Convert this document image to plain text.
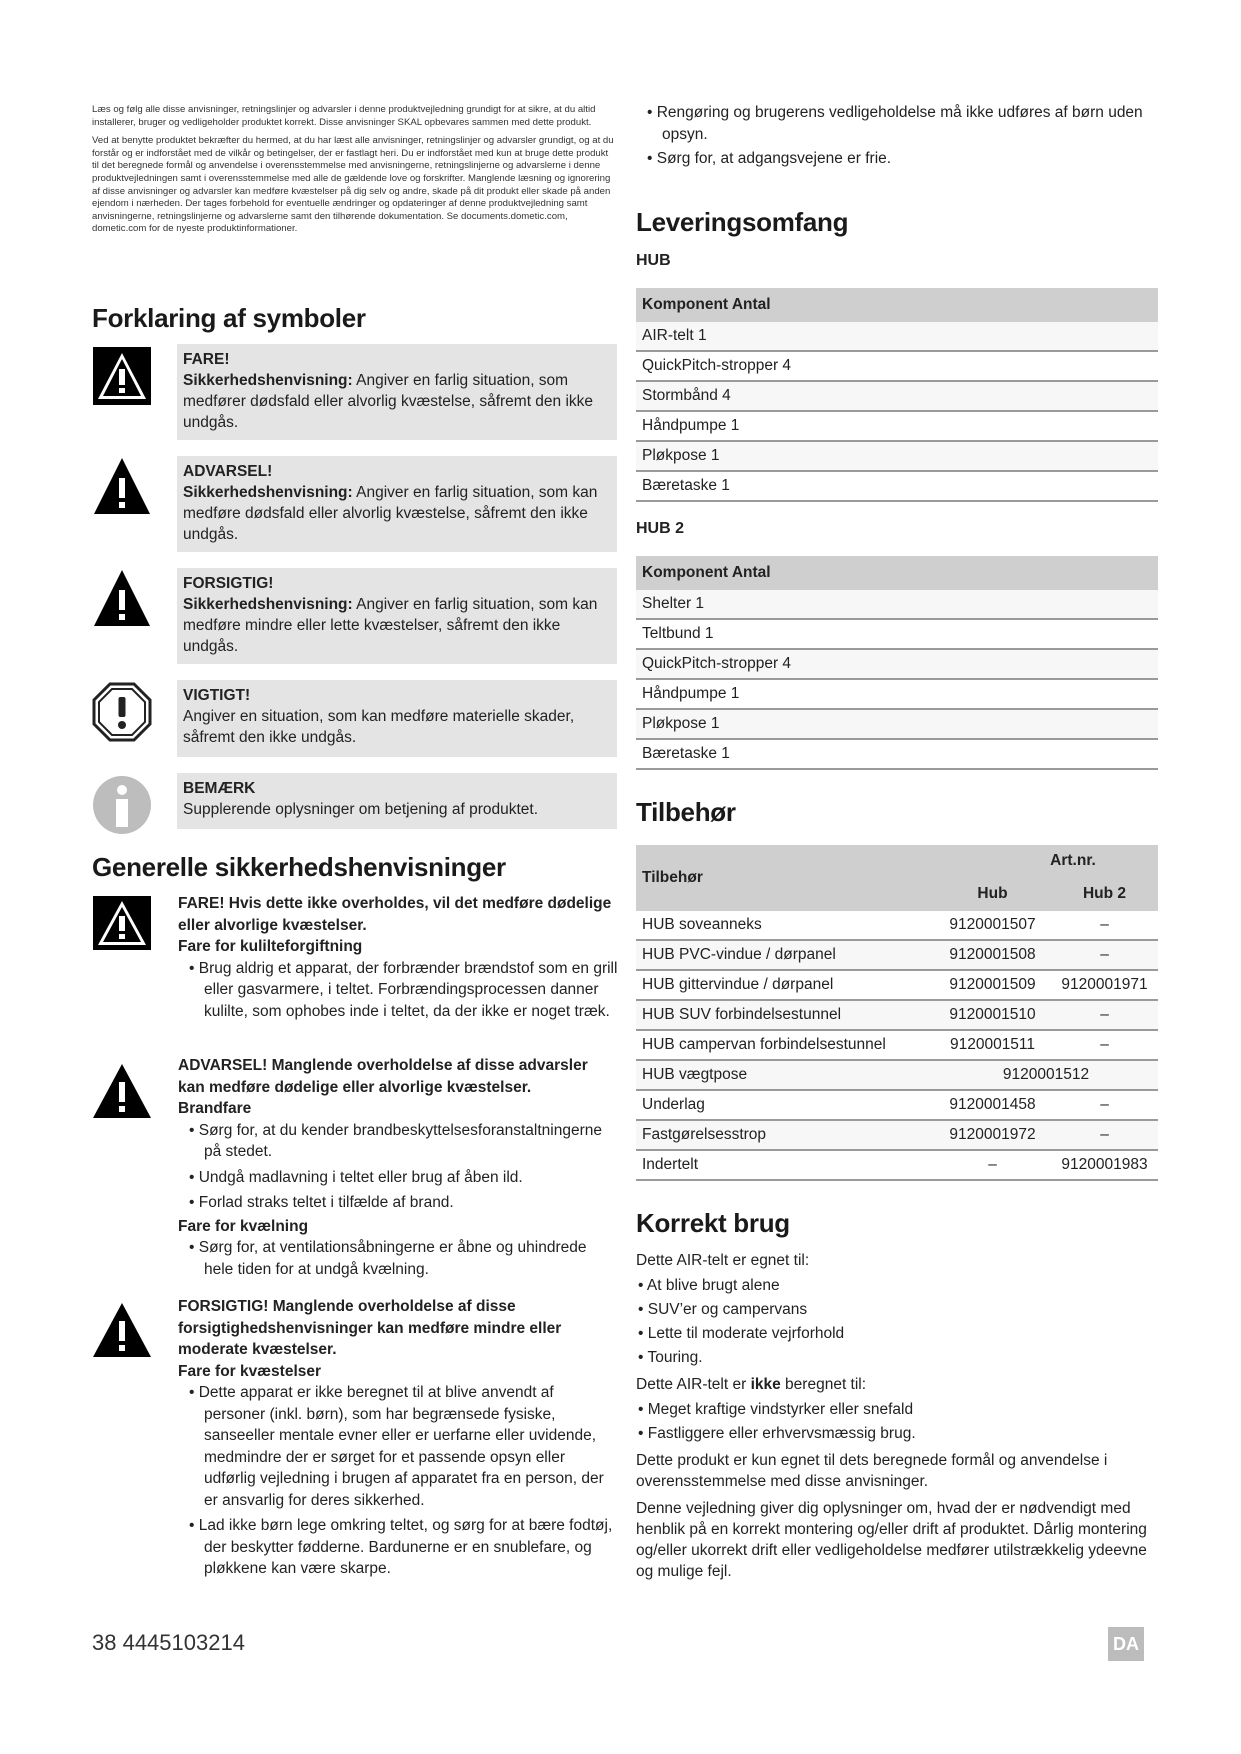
Læs og følg alle disse anvisninger, retningslinjer og advarsler i denne produktvejledning grundigt for at sikre, at du altid installerer, bruger og vedligeholder produktet korrekt. Disse anvisninger SKAL opbevares sammen med dette produkt.

Ved at benytte produktet bekræfter du hermed, at du har læst alle anvisninger, retningslinjer og advarsler grundigt, og at du forstår og er indforstået med de vilkår og betingelser, der er fastlagt heri. Du er indforstået med kun at bruge dette produkt til det beregnede formål og anvendelse i overensstemmelse med anvisningerne, retningslinjerne og advarslerne i denne produktvejledningen samt i overensstemmelse med alle de gældende love og forskrifter. Manglende læsning og ignorering af disse anvisninger og advarsler kan medføre kvæstelser på dig selv og andre, skade på dit produkt eller skade på anden ejendom i nærheden. Der tages forbehold for eventuelle ændringer og opdateringer af denne produktvejledning samt anvisningerne, retningslinjerne og advarslerne samt den tilhørende dokumentation. Se documents.dometic.com, dometic.com for de nyeste produktinformationer.

Forklaring af symboler
FARE!
Sikkerhedshenvisning: Angiver en farlig situation, som medfører dødsfald eller alvorlig kvæstelse, såfremt den ikke undgås.
ADVARSEL!
Sikkerhedshenvisning: Angiver en farlig situation, som kan medføre dødsfald eller alvorlig kvæstelse, såfremt den ikke undgås.
FORSIGTIG!
Sikkerhedshenvisning: Angiver en farlig situation, som kan medføre mindre eller lette kvæstelser, såfremt den ikke undgås.
VIGTIGT!
Angiver en situation, som kan medføre materielle skader, såfremt den ikke undgås.
BEMÆRK
Supplerende oplysninger om betjening af produktet.
Generelle sikkerhedshenvisninger
FARE! Hvis dette ikke overholdes, vil det medføre dødelige eller alvorlige kvæstelser.
Fare for kulilteforgiftning
• Brug aldrig et apparat, der forbrænder brændstof som en grill eller gasvarmere, i teltet. Forbrændingsprocessen danner kulilte, som ophobes inde i teltet, da der ikke er noget træk.
ADVARSEL! Manglende overholdelse af disse advarsler kan medføre dødelige eller alvorlige kvæstelser.
Brandfare
• Sørg for, at du kender brandbeskyttelsesforanstaltningerne på stedet.
• Undgå madlavning i teltet eller brug af åben ild.
• Forlad straks teltet i tilfælde af brand.
Fare for kvælning
• Sørg for, at ventilationsåbningerne er åbne og uhindrede hele tiden for at undgå kvælning.
FORSIGTIG! Manglende overholdelse af disse forsigtighedshenvisninger kan medføre mindre eller moderate kvæstelser.
Fare for kvæstelser
• Dette apparat er ikke beregnet til at blive anvendt af personer (inkl. børn), som har begrænsede fysiske, sanseeller mentale evner eller er uerfarne eller uvidende, medmindre der er sørget for et passende opsyn eller udførlig vejledning i brugen af apparatet fra en person, der er ansvarlig for deres sikkerhed.
• Lad ikke børn lege omkring teltet, og sørg for at bære fodtøj, der beskytter fødderne. Bardunerne er en snublefare, og pløkkene kan være skarpe.
• Rengøring og brugerens vedligeholdelse må ikke udføres af børn uden opsyn.
• Sørg for, at adgangsvejene er frie.
Leveringsomfang
HUB
Komponent Antal
AIR-telt 1
QuickPitch-stropper 4
Stormbånd 4
Håndpumpe 1
Pløkpose 1
Bæretaske 1
HUB 2
Komponent Antal
Shelter 1
Teltbund 1
QuickPitch-stropper 4
Håndpumpe 1
Pløkpose 1
Bæretaske 1
Tilbehør
Tilbehør	Art.nr.	
	Hub	Hub 2
HUB soveanneks	9120001507	–
HUB PVC-vindue / dørpanel	9120001508	–
HUB gittervindue / dørpanel	9120001509	9120001971
HUB SUV forbindelsestunnel	9120001510	–
HUB campervan forbindelsestunnel	9120001511	–
HUB vægtpose	9120001512	
Underlag	9120001458	–
Fastgørelsesstrop	9120001972	–
Indertelt	–	9120001983
Korrekt brug

Dette AIR-telt er egnet til:

• At blive brugt alene
• SUV’er og campervans
• Lette til moderate vejrforhold
• Touring.

Dette AIR-telt er ikke beregnet til:

• Meget kraftige vindstyrker eller snefald
• Fastliggere eller erhvervsmæssig brug.

Dette produkt er kun egnet til dets beregnede formål og anvendelse i overensstemmelse med disse anvisninger.

Denne vejledning giver dig oplysninger om, hvad der er nødvendigt med henblik på en korrekt montering og/eller drift af produktet. Dårlig montering og/eller ukorrekt drift eller vedligeholdelse medfører utilstrækkelig ydeevne og mulige fejl.

38 4445103214	DA
